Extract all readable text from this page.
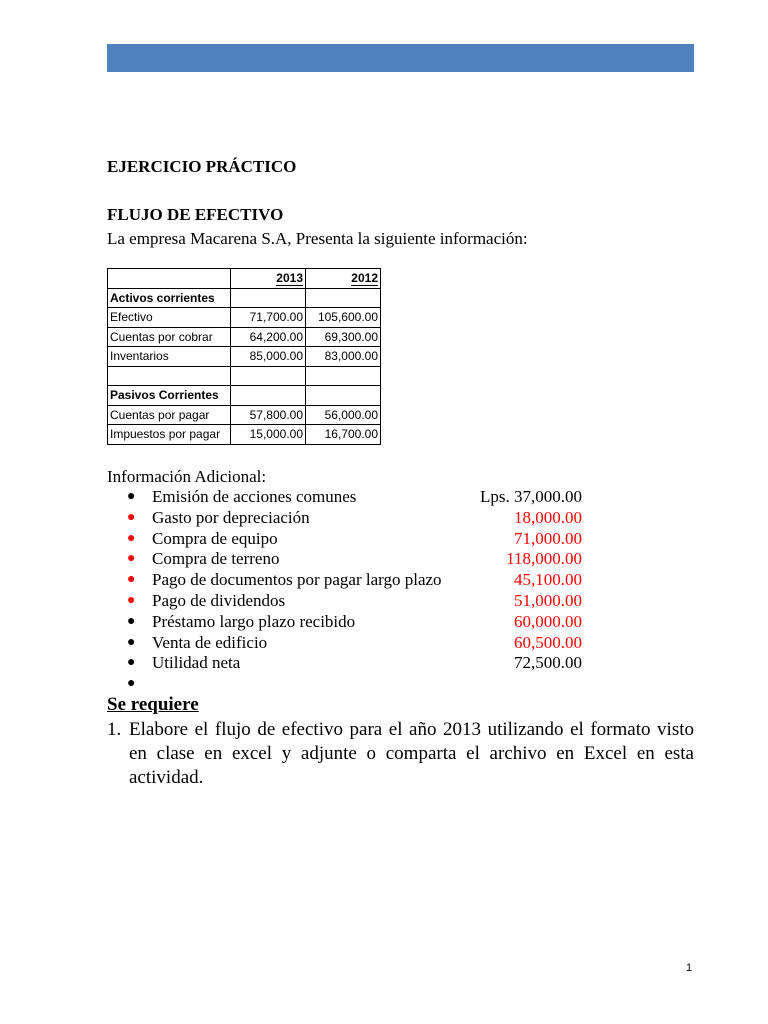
EJERCICIO PRÁCTICO
FLUJO DE EFECTIVO

La empresa Macarena S.A, Presenta la siguiente información:

	2013	2012
Activos corrientes		
Efectivo	71,700.00	105,600.00
Cuentas por cobrar	64,200.00	69,300.00
Inventarios	85,000.00	83,000.00

Pasivos Corrientes		
Cuentas por pagar	57,800.00	56,000.00
Impuestos por pagar	15,000.00	16,700.00

Información Adicional:

● Emisión de acciones comunes	Lps. 37,000.00
● Gasto por depreciación	18,000.00
● Compra de equipo	71,000.00
● Compra de terreno	118,000.00
● Pago de documentos por pagar largo plazo	45,100.00
● Pago de dividendos	51,000.00
● Préstamo largo plazo recibido	60,000.00
● Venta de edificio	60,500.00
● Utilidad neta	72,500.00
●

Se requiere

1. Elabore el flujo de efectivo para el año 2013 utilizando el formato visto en clase en excel y adjunte o comparta el archivo en Excel en esta actividad.
1
